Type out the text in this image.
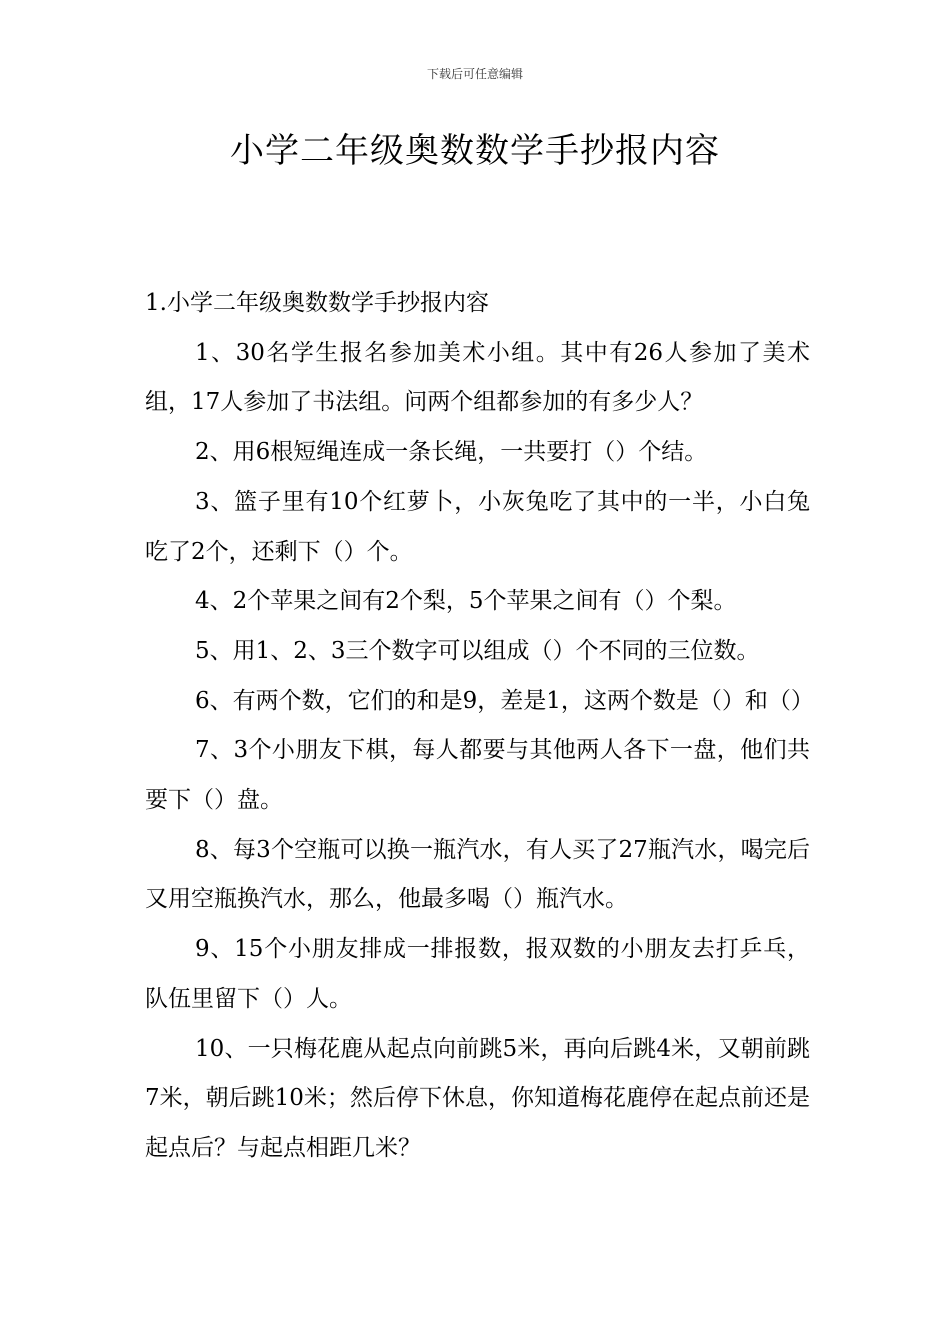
下载后可任意编辑
小学二年级奥数数学手抄报内容

1.小学二年级奥数数学手抄报内容

1、30名学生报名参加美术小组。其中有26人参加了美术组，17人参加了书法组。问两个组都参加的有多少人？

2、用6根短绳连成一条长绳，一共要打（）个结。

3、篮子里有10个红萝卜，小灰兔吃了其中的一半，小白兔吃了2个，还剩下（）个。

4、2个苹果之间有2个梨，5个苹果之间有（）个梨。

5、用1、2、3三个数字可以组成（）个不同的三位数。

6、有两个数，它们的和是9，差是1，这两个数是（）和（）

7、3个小朋友下棋，每人都要与其他两人各下一盘，他们共要下（）盘。

8、每3个空瓶可以换一瓶汽水，有人买了27瓶汽水，喝完后又用空瓶换汽水，那么，他最多喝（）瓶汽水。

9、15个小朋友排成一排报数，报双数的小朋友去打乒乓，队伍里留下（）人。

10、一只梅花鹿从起点向前跳5米，再向后跳4米，又朝前跳7米，朝后跳10米；然后停下休息，你知道梅花鹿停在起点前还是起点后？与起点相距几米？
